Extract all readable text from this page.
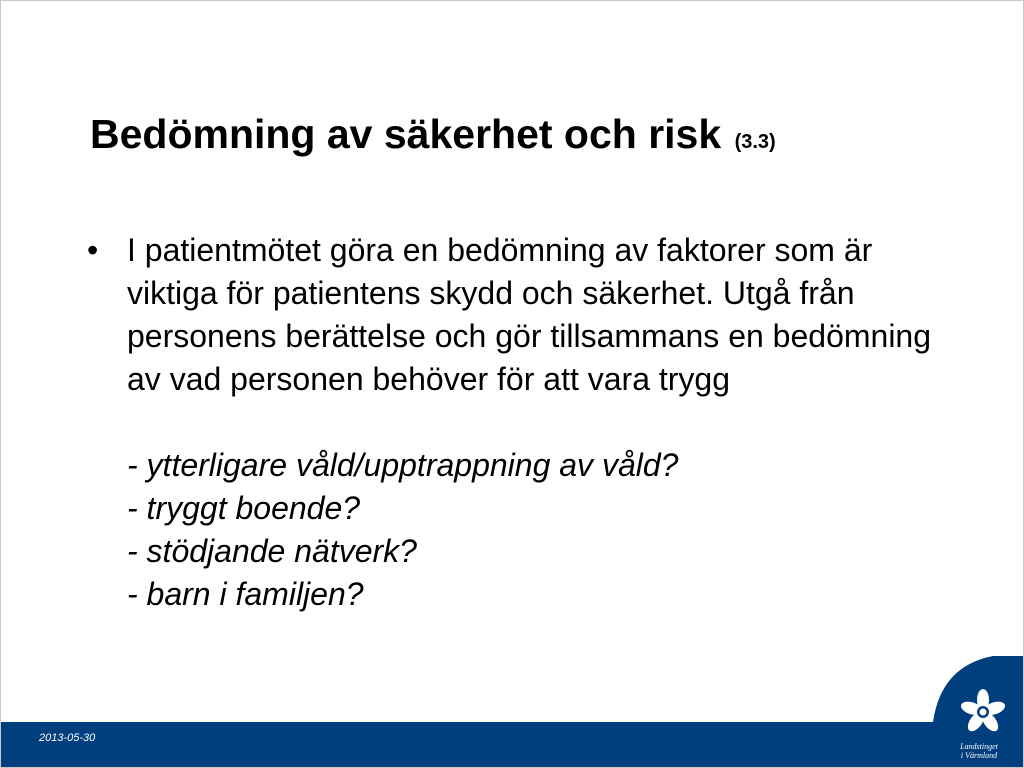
Bedömning av säkerhet och risk (3.3)
• I patientmötet göra en bedömning av faktorer som är viktiga för patientens skydd och säkerhet. Utgå från personens berättelse och gör tillsammans en bedömning av vad personen behöver för att vara trygg
- ytterligare våld/upptrappning av våld?
- tryggt boende?
- stödjande nätverk?
- barn i familjen?
2013-05-30
Landstinget
i Värmland
